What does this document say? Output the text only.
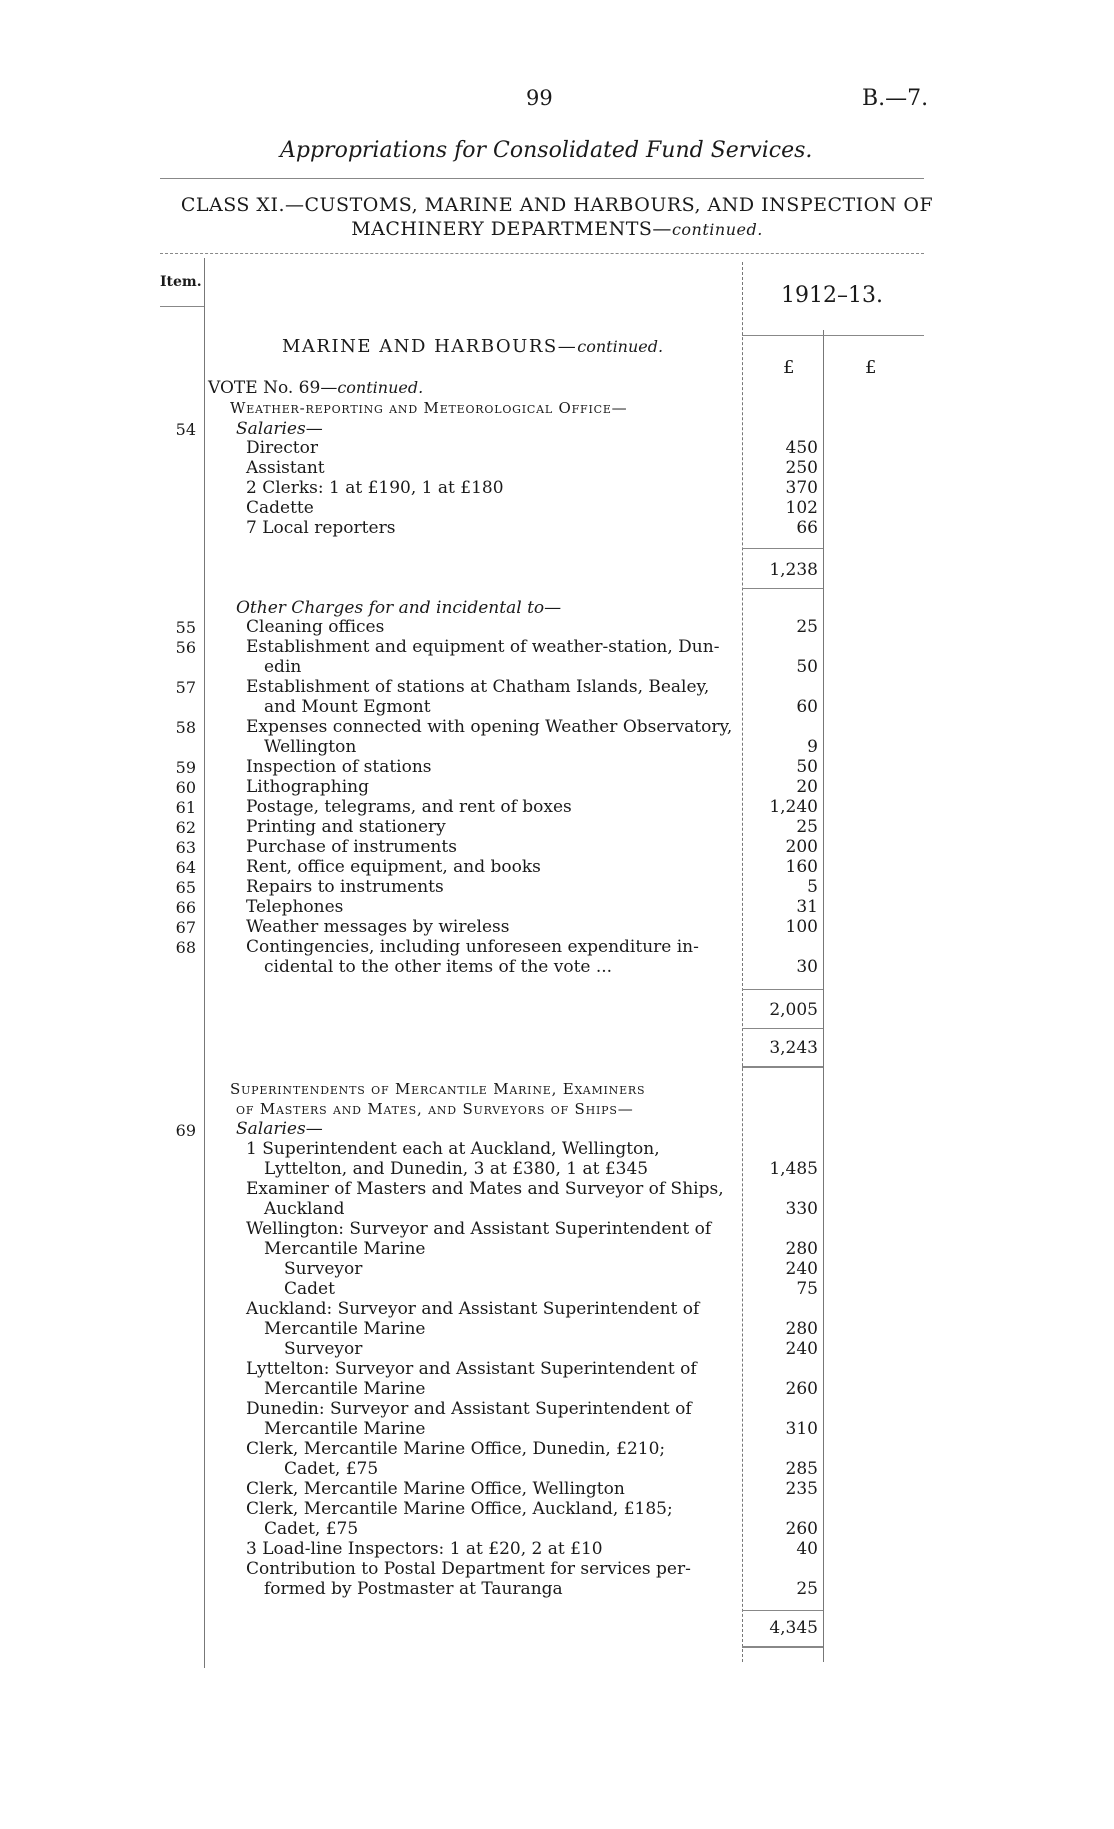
99	B.—7.
Appropriations for Consolidated Fund Services.
CLASS XI.—CUSTOMS, MARINE AND HARBOURS, AND INSPECTION OF
MACHINERY DEPARTMENTS—continued.
Item.
1912–13.
MARINE AND HARBOURS—continued.
£	£
VOTE No. 69—continued.
Weather-reporting and Meteorological Office—
54 Salaries—
Director	450
Assistant	250
2 Clerks: 1 at £190, 1 at £180	370
Cadette	102
7 Local reporters	66
1,238
Other Charges for and incidental to—
55	Cleaning offices	25
56	Establishment and equipment of weather-station, Dun-
edin	50
57	Establishment of stations at Chatham Islands, Bealey,
and Mount Egmont	60
58	Expenses connected with opening Weather Observatory,
Wellington	9
59	Inspection of stations	50
60	Lithographing	20
61	Postage, telegrams, and rent of boxes	1,240
62	Printing and stationery	25
63	Purchase of instruments	200
64	Rent, office equipment, and books	160
65	Repairs to instruments	5
66	Telephones	31
67	Weather messages by wireless	100
68	Contingencies, including unforeseen expenditure in-
cidental to the other items of the vote ...	30
2,005
3,243
Superintendents of Mercantile Marine, Examiners
of Masters and Mates, and Surveyors of Ships—
69 Salaries—
1 Superintendent each at Auckland, Wellington,
Lyttelton, and Dunedin, 3 at £380, 1 at £345	1,485
Examiner of Masters and Mates and Surveyor of Ships,
Auckland	330
Wellington: Surveyor and Assistant Superintendent of
Mercantile Marine	280
Surveyor	240
Cadet	75
Auckland: Surveyor and Assistant Superintendent of
Mercantile Marine	280
Surveyor	240
Lyttelton: Surveyor and Assistant Superintendent of
Mercantile Marine	260
Dunedin: Surveyor and Assistant Superintendent of
Mercantile Marine	310
Clerk, Mercantile Marine Office, Dunedin, £210;
Cadet, £75	285
Clerk, Mercantile Marine Office, Wellington	235
Clerk, Mercantile Marine Office, Auckland, £185;
Cadet, £75	260
3 Load-line Inspectors: 1 at £20, 2 at £10	40
Contribution to Postal Department for services per-
formed by Postmaster at Tauranga	25
4,345
